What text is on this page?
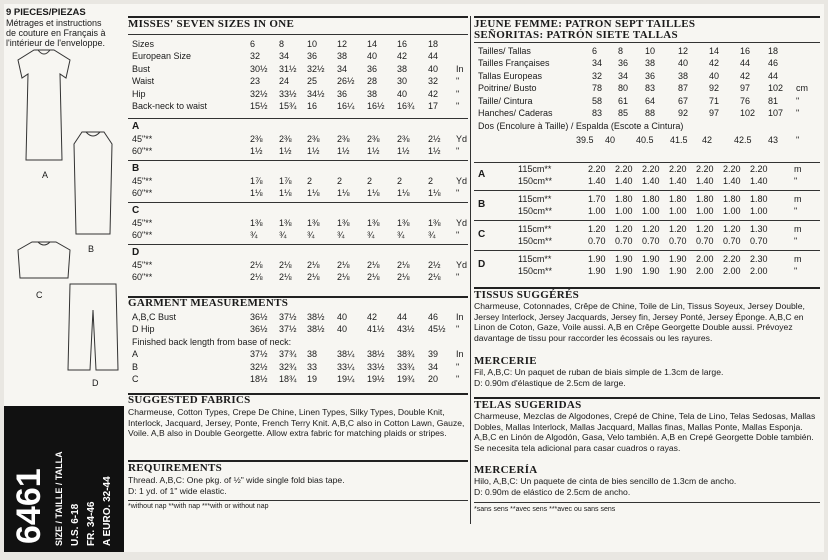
9 PIECES/PIEZAS
Métrages et instructions
de couture en Français à
l'intérieur de l'enveloppe.
A
B
C
D
6461 SIZE / TAILLE / TALLA U.S. 6-18 FR. 34-46 A EURO. 32-44
MISSES' SEVEN SIZES IN ONE
Sizes	6	8	10 12 14 16 18
European Size	32 34 36 38 40 42 44
Bust	30½ 31½ 32½ 34 36 38 40 In
Waist	23 24 25 26½ 28 30 32 "
Hip	32½ 33½ 34½ 36 38 40 42 "
Back-neck to waist	15½ 15¾ 16 16¼ 16½ 16¾ 17 "
A
45"**	2⅜ 2⅜ 2⅜ 2⅜ 2⅜ 2⅜ 2½ Yd
60"**	1½ 1½ 1½ 1½ 1½ 1½ 1½ "
B
45"**	1⅞ 1⅞ 2	2	2	2	2	Yd
60"**	1⅛ 1⅛ 1⅛ 1⅛ 1⅛ 1⅛ 1⅛ "
C
45"**	1⅜ 1⅜ 1⅜ 1⅜ 1⅜ 1⅜ 1⅜ Yd
60"**	¾ ¾ ¾ ¾ ¾ ¾	¾ "
D
45"**	2⅛ 2⅛ 2⅛ 2⅛ 2⅛ 2⅛ 2½ Yd
60"**	2⅛ 2⅛ 2⅛ 2⅛ 2⅛ 2⅛ 2⅛ "
GARMENT MEASUREMENTS
A,B,C Bust	36½ 37½ 38½ 40 42 44 46 In
D Hip	36½ 37½ 38½ 40 41½ 43½ 45½ "
Finished back length from base of neck:
A	37½ 37¾ 38 38¼ 38½ 38¾ 39 In
B	32½ 32¾ 33 33¼ 33½ 33¾ 34 "
C	18½ 18¾ 19 19¼ 19½ 19¾ 20 "
SUGGESTED FABRICS
Charmeuse, Cotton Types, Crepe De Chine, Linen Types, Silky Types, Double Knit, Interlock, Jacquard, Jersey, Ponte, French Terry Knit. A,B,C also in Cotton Lawn, Gauze, Voile. A,B also in Double Georgette. Allow extra fabric for matching plaids or stripes.
REQUIREMENTS
Thread. A,B,C: One pkg. of ½" wide single fold bias tape.
D: 1 yd. of 1" wide elastic.
*without nap **with nap ***with or without nap
JEUNE FEMME: PATRON SEPT TAILLES
SEÑORITAS: PATRÓN SIETE TALLAS
Tailles/ Tallas	6 8 10	12 14 16 18
Tailles Françaises	34 36 38	40 42 44 46
Tallas Europeas	32 34 36	38 40 42 44
Poitrine/ Busto	78 80 83	87 92 97 102 cm
Taille/ Cintura	58 61 64	67 71 76 81 "
Hanches/ Caderas	83 85 88	92 97 102 107 "
Dos (Encolure à Taille) / Espalda (Escote a Cintura)
39.5 40 40.5 41.5 42 42.5 43 "
A	115cm**	2.20 2.20 2.20 2.20 2.20 2.20 2.20	m
150cm**	1.40 1.40 1.40 1.40 1.40 1.40 1.40	"
B	115cm**	1.70 1.80 1.80 1.80 1.80 1.80 1.80	m
150cm**	1.00 1.00 1.00 1.00 1.00 1.00 1.00	"
C	115cm**	1.20 1.20 1.20 1.20 1.20 1.20 1.30	m
150cm**	0.70 0.70 0.70 0.70 0.70 0.70 0.70	"
D	115cm**	1.90 1.90 1.90 1.90 2.00 2.20 2.30	m
150cm**	1.90 1.90 1.90 1.90 2.00 2.00 2.00	"
TISSUS SUGGÉRÉS
Charmeuse, Cotonnades, Crêpe de Chine, Toile de Lin, Tissus Soyeux, Jersey Double, Jersey Interlock, Jersey Jacquards, Jersey fin, Jersey Ponté, Jersey Éponge. A,B,C en Linon de Coton, Gaze, Voile aussi. A,B en Crêpe Georgette Double aussi. Prévoyez davantage de tissu pour raccorder les écossais ou les rayures.
MERCERIE
Fil, A,B,C: Un paquet de ruban de biais simple de 1.3cm de large.
D: 0.90m d'élastique de 2.5cm de large.
TELAS SUGERIDAS
Charmeuse, Mezclas de Algodones, Crepé de Chine, Tela de Lino, Telas Sedosas, Mallas Dobles, Mallas Interlock, Mallas Jacquard, Mallas finas, Mallas Ponte, Mallas Esponja. A,B,C en Linón de Algodón, Gasa, Velo también. A,B en Crepé Georgette Doble también. Se necesita tela adicional para casar cuadros o rayas.
MERCERÍA
Hilo, A,B,C: Un paquete de cinta de bies sencillo de 1.3cm de ancho.
D: 0.90m de elástico de 2.5cm de ancho.
*sans sens **avec sens ***avec ou sans sens
